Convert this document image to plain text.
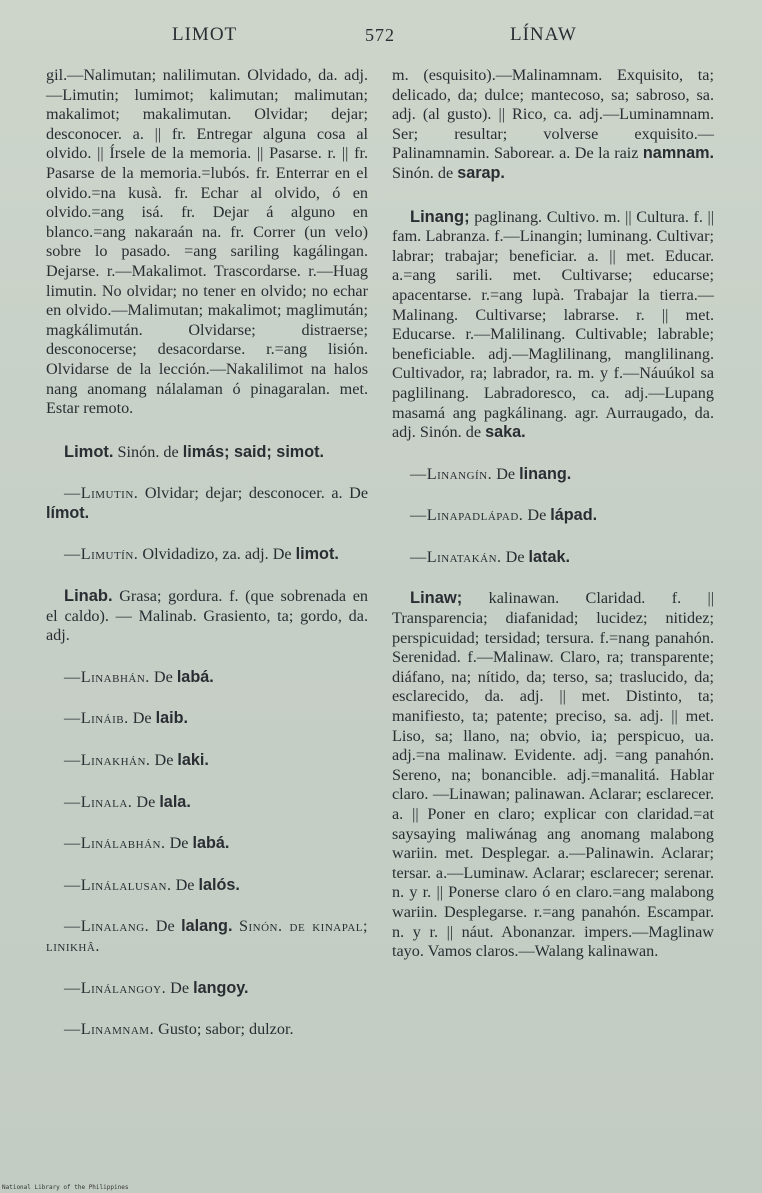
LIMOT	572	LÍNAW
gil.—Nalimutan; nalilimutan. Olvidado, da. adj.—Limutin; lumimot; kalimutan; malimutan; makalimot; makalimutan. Olvidar; dejar; desconocer. a. || fr. Entregar alguna cosa al olvido. || Írsele de la memoria. || Pasarse. r. || fr. Pasarse de la memoria.=lubós. fr. Enterrar en el olvido.=na kusà. fr. Echar al olvido, ó en olvido.=ang isá. fr. Dejar á alguno en blanco.=ang nakaraán na. fr. Correr (un velo) sobre lo pasado. =ang sariling kagálingan. Dejarse. r.—Makalimot. Trascordarse. r.—Huag limutin. No olvidar; no tener en olvido; no echar en olvido.—Malimutan; makalimot; maglimután; magkálimután. Olvidarse; distraerse; desconocerse; desacordarse. r.=ang lisión. Olvidarse de la lección.—Nakalilimot na halos nang anomang nálalaman ó pinagaralan. met. Estar remoto.
Limot. Sinón. de limás; said; simot.
—Limutin. Olvidar; dejar; desconocer. a. De límot.
—Limutín. Olvidadizo, za. adj. De limot.
Linab. Grasa; gordura. f. (que sobrenada en el caldo). — Malinab. Grasiento, ta; gordo, da. adj.
—Linabhán. De labá.
—Lináib. De laib.
—Linakhán. De laki.
—Linala. De lala.
—Linálabhán. De labá.
—Linálalusan. De lalós.
—Linalang. De lalang. Sinón. de kinapal; linikhâ.
—Linálangoy. De langoy.
—Linamnam. Gusto; sabor; dulzor.
m. (esquisito).—Malinamnam. Exquisito, ta; delicado, da; dulce; mantecoso, sa; sabroso, sa. adj. (al gusto). || Rico, ca. adj.—Luminamnam. Ser; resultar; volverse exquisito.—Palinamnamin. Saborear. a. De la raiz namnam. Sinón. de sarap.
Linang; paglinang. Cultivo. m. || Cultura. f. || fam. Labranza. f.—Linangin; luminang. Cultivar; labrar; trabajar; beneficiar. a. || met. Educar. a.=ang sarili. met. Cultivarse; educarse; apacentarse. r.=ang lupà. Trabajar la tierra.—Malinang. Cultivarse; labrarse. r. || met. Educarse. r.—Malilinang. Cultivable; labrable; beneficiable. adj.—Maglilinang, manglilinang. Cultivador, ra; labrador, ra. m. y f.—Náuúkol sa paglilinang. Labradoresco, ca. adj.—Lupang masamá ang pagkálinang. agr. Aurraugado, da. adj. Sinón. de saka.
—Linangín. De linang.
—Linapadlápad. De lápad.
—Linatakán. De latak.
Linaw; kalinawan. Claridad. f. || Transparencia; diafanidad; lucidez; nitidez; perspicuidad; tersidad; tersura. f.=nang panahón. Serenidad. f.—Malinaw. Claro, ra; transparente; diáfano, na; nítido, da; terso, sa; traslucido, da; esclarecido, da. adj. || met. Distinto, ta; manifiesto, ta; patente; preciso, sa. adj. || met. Liso, sa; llano, na; obvio, ia; perspicuo, ua. adj.=na malinaw. Evidente. adj. =ang panahón. Sereno, na; bonancible. adj.=manalitá. Hablar claro. —Linawan; palinawan. Aclarar; esclarecer. a. || Poner en claro; explicar con claridad.=at saysaying maliwánag ang anomang malabong wariin. met. Desplegar. a.—Palinawin. Aclarar; tersar. a.—Luminaw. Aclarar; esclarecer; serenar. n. y r. || Ponerse claro ó en claro.=ang malabong wariin. Desplegarse. r.=ang panahón. Escampar. n. y r. || náut. Abonanzar. impers.—Maglinaw tayo. Vamos claros.—Walang kalinawan.
National Library of the Philippines
